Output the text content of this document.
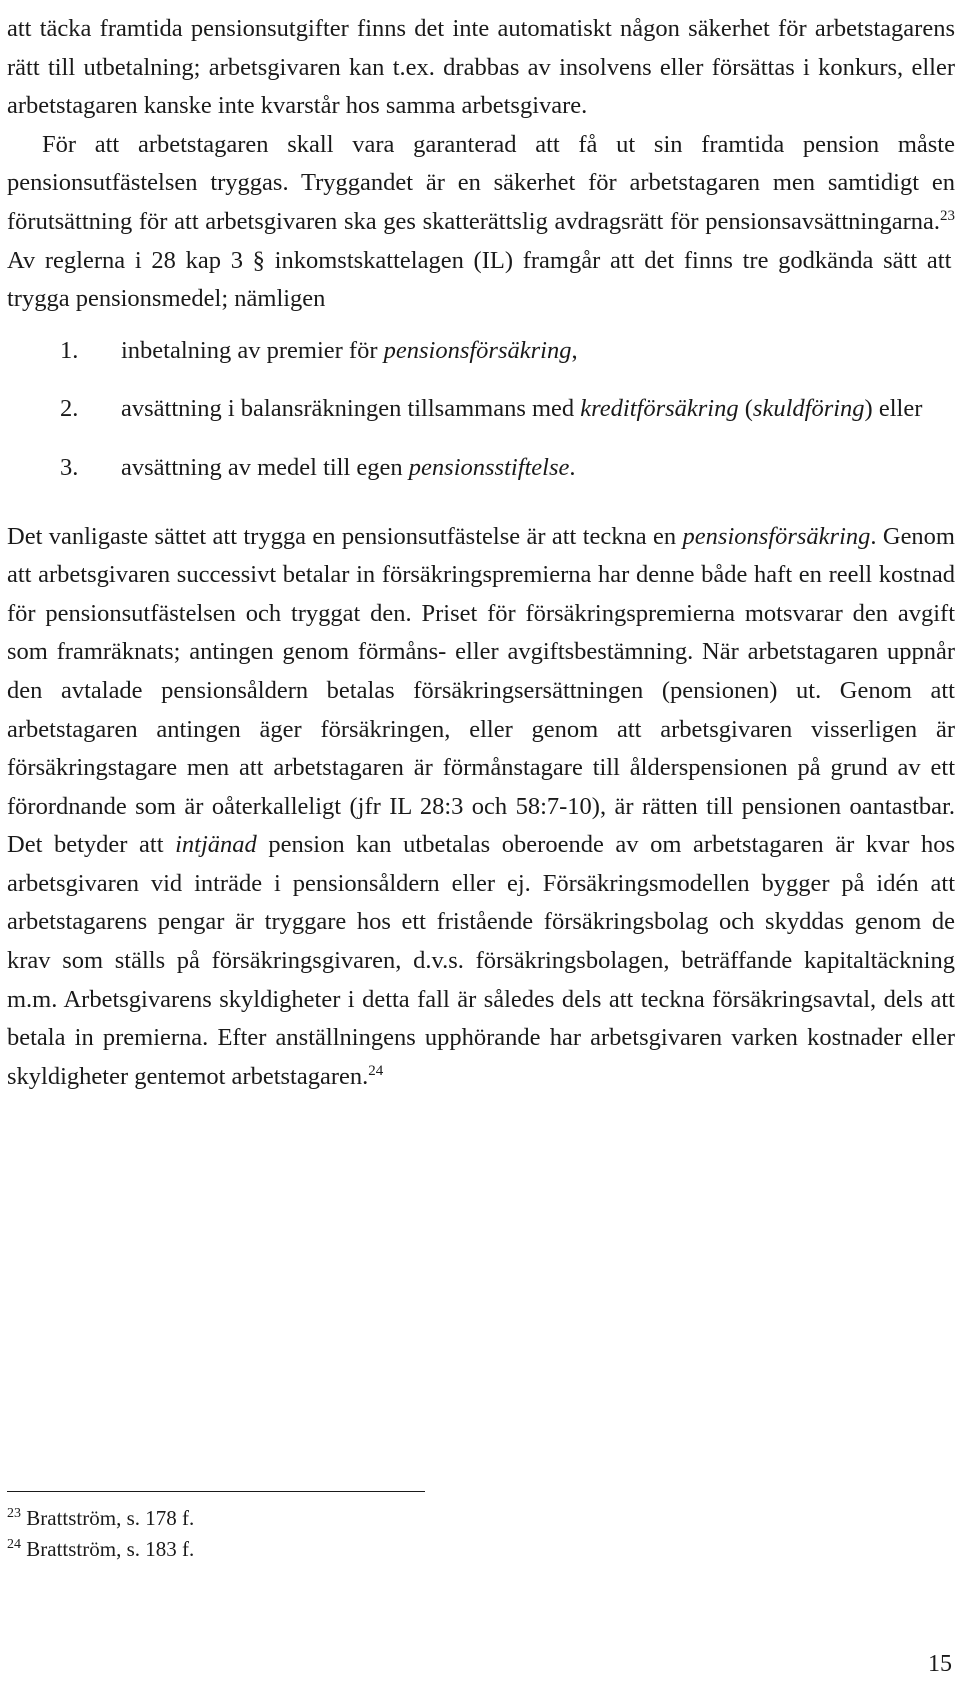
att täcka framtida pensionsutgifter finns det inte automatiskt någon säkerhet för arbetstagarens rätt till utbetalning; arbetsgivaren kan t.ex. drabbas av insolvens eller försättas i konkurs, eller arbetstagaren kanske inte kvarstår hos samma arbetsgivare.

För att arbetstagaren skall vara garanterad att få ut sin framtida pension måste pensionsutfästelsen tryggas. Tryggandet är en säkerhet för arbetstagaren men samtidigt en förutsättning för att arbetsgivaren ska ges skatterättslig avdragsrätt för pensionsavsättningarna.$^{23}$ Av reglerna i 28 kap 3 § inkomstskattelagen (IL) framgår att det finns tre godkända sätt att trygga pensionsmedel; nämligen

1. inbetalning av premier för pensionsförsäkring,
2. avsättning i balansräkningen tillsammans med kreditförsäkring (skuldföring) eller
3. avsättning av medel till egen pensionsstiftelse.

Det vanligaste sättet att trygga en pensionsutfästelse är att teckna en pensionsförsäkring. Genom att arbetsgivaren successivt betalar in försäkringspremierna har denne både haft en reell kostnad för pensionsutfästelsen och tryggat den. Priset för försäkringspremierna motsvarar den avgift som framräknats; antingen genom förmåns- eller avgiftsbestämning. När arbetstagaren uppnår den avtalade pensionsåldern betalas försäkringsersättningen (pensionen) ut. Genom att arbetstagaren antingen äger försäkringen, eller genom att arbetsgivaren visserligen är försäkringstagare men att arbetstagaren är förmånstagare till ålderspensionen på grund av ett förordnande som är oåterkalleligt (jfr IL 28:3 och 58:7-10), är rätten till pensionen oantastbar. Det betyder att intjänad pension kan utbetalas oberoende av om arbetstagaren är kvar hos arbetsgivaren vid inträde i pensionsåldern eller ej. Försäkringsmodellen bygger på idén att arbetstagarens pengar är tryggare hos ett fristående försäkringsbolag och skyddas genom de krav som ställs på försäkringsgivaren, d.v.s. försäkringsbolagen, beträffande kapitaltäckning m.m. Arbetsgivarens skyldigheter i detta fall är således dels att teckna försäkringsavtal, dels att betala in premierna. Efter anställningens upphörande har arbetsgivaren varken kostnader eller skyldigheter gentemot arbetstagaren.$^{24}$

$^{23}$ Brattström, s. 178 f.

$^{24}$ Brattström, s. 183 f.

15
